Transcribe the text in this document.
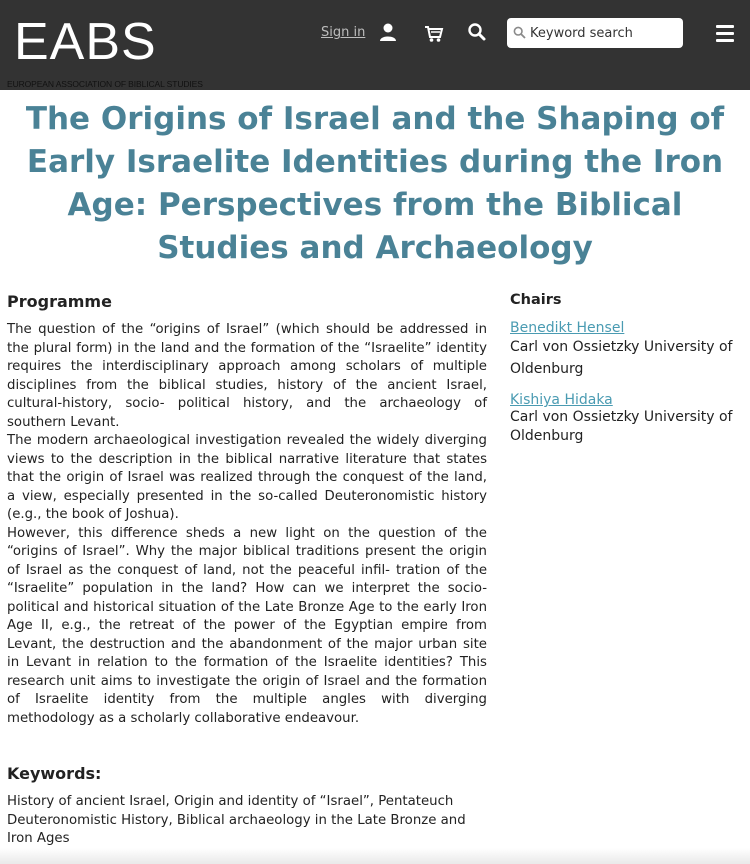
EABS
EUROPEAN ASSOCIATION OF BIBLICAL STUDIES
Sign in
Keyword search
The Origins of Israel and the Shaping of Early Israelite Identities during the Iron Age: Perspectives from the Biblical Studies and Archaeology
Programme

The question of the “origins of Israel” (which should be addressed in the plural form) in the land and the formation of the “Israelite” identity requires the interdisciplinary approach among scholars of multiple disciplines from the biblical studies, history of the ancient Israel, cultural-history, socio- political history, and the archaeology of southern Levant.

The modern archaeological investigation revealed the widely diverging views to the description in the biblical narrative literature that states that the origin of Israel was realized through the conquest of the land, a view, especially presented in the so-called Deuteronomistic history (e.g., the book of Joshua).

However, this difference sheds a new light on the question of the “origins of Israel”. Why the major biblical traditions present the origin of Israel as the conquest of land, not the peaceful infil- tration of the “Israelite” population in the land? How can we interpret the socio-political and historical situation of the Late Bronze Age to the early Iron Age II, e.g., the retreat of the power of the Egyptian empire from Levant, the destruction and the abandonment of the major urban site in Levant in relation to the formation of the Israelite identities? This research unit aims to investigate the origin of Israel and the formation of Israelite identity from the multiple angles with diverging methodology as a scholarly collaborative endeavour.

Keywords:
History of ancient Israel, Origin and identity of “Israel”, Pentateuch
Deuteronomistic History, Biblical archaeology in the Late Bronze and
Iron Ages
Chairs
Benedikt Hensel
Carl von Ossietzky University of Oldenburg
Kishiya Hidaka
Carl von Ossietzky University of Oldenburg
